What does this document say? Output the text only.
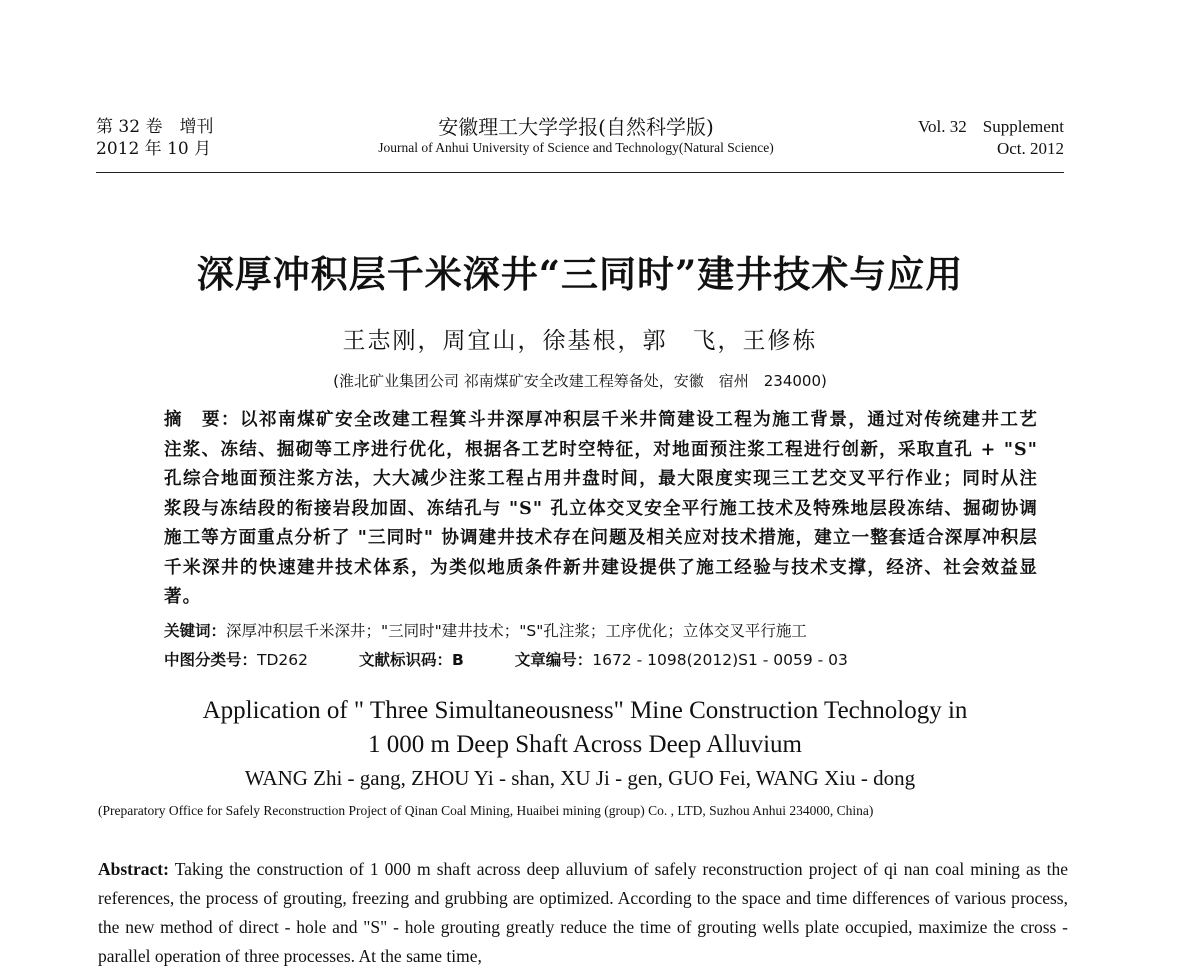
第 32 卷　增刊
2012 年 10 月
安徽理工大学学报(自然科学版)
Journal of Anhui University of Science and Technology(Natural Science)
Vol. 32 Supplement
Oct. 2012
深厚冲积层千米深井“三同时”建井技术与应用
王志刚，周宜山，徐基根，郭　飞，王修栋
(淮北矿业集团公司 祁南煤矿安全改建工程筹备处，安徽　宿州　234000)
摘　要：以祁南煤矿安全改建工程箕斗井深厚冲积层千米井筒建设工程为施工背景，通过对传统建井工艺注浆、冻结、掘砌等工序进行优化，根据各工艺时空特征，对地面预注浆工程进行创新，采取直孔 + "S" 孔综合地面预注浆方法，大大减少注浆工程占用井盘时间，最大限度实现三工艺交叉平行作业；同时从注浆段与冻结段的衔接岩段加固、冻结孔与 "S" 孔立体交叉安全平行施工技术及特殊地层段冻结、掘砌协调施工等方面重点分析了 "三同时" 协调建井技术存在问题及相关应对技术措施，建立一整套适合深厚冲积层千米深井的快速建井技术体系，为类似地质条件新井建设提供了施工经验与技术支撑，经济、社会效益显著。
关键词：深厚冲积层千米深井；"三同时"建井技术；"S"孔注浆；工序优化；立体交叉平行施工
中图分类号：TD262	文献标识码：B	文章编号：1672 - 1098(2012)S1 - 0059 - 03
Application of " Three Simultaneousness" Mine Construction Technology in
1 000 m Deep Shaft Across Deep Alluvium
WANG Zhi - gang, ZHOU Yi - shan, XU Ji - gen, GUO Fei, WANG Xiu - dong
(Preparatory Office for Safely Reconstruction Project of Qinan Coal Mining, Huaibei mining (group) Co. , LTD, Suzhou Anhui 234000, China)
Abstract: Taking the construction of 1 000 m shaft across deep alluvium of safely reconstruction project of qi nan coal mining as the references, the process of grouting, freezing and grubbing are optimized. According to the space and time differences of various process, the new method of direct - hole and "S" - hole grouting greatly reduce the time of grouting wells plate occupied, maximize the cross - parallel operation of three processes. At the same time,
